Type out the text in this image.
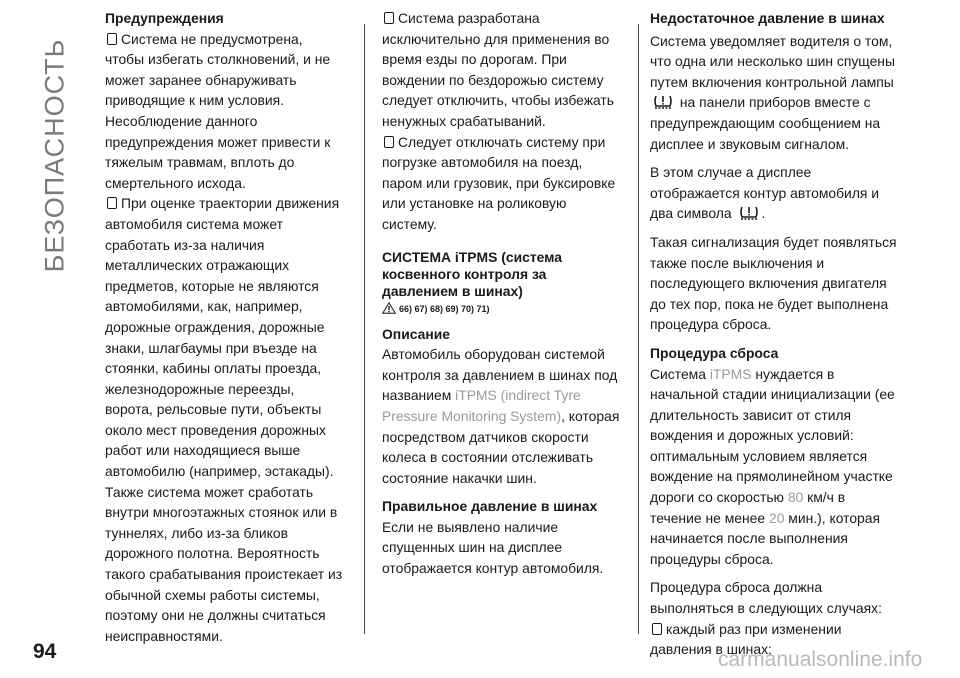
БЕЗОПАСНОСТЬ
Предупреждения
Система не предусмотрена, чтобы избегать столкновений, и не может заранее обнаруживать приводящие к ним условия. Несоблюдение данного предупреждения может привести к тяжелым травмам, вплоть до смертельного исхода.
При оценке траектории движения автомобиля система может сработать из-за наличия металлических отражающих предметов, которые не являются автомобилями, как, например, дорожные ограждения, дорожные знаки, шлагбаумы при въезде на стоянки, кабины оплаты проезда, железнодорожные переезды, ворота, рельсовые пути, объекты около мест проведения дорожных работ или находящиеся выше автомобилю (например, эстакады). Также система может сработать внутри многоэтажных стоянок или в туннелях, либо из-за бликов дорожного полотна. Вероятность такого срабатывания проистекает из обычной схемы работы системы, поэтому они не должны считаться неисправностями.
Система разработана исключительно для применения во время езды по дорогам. При вождении по бездорожью систему следует отключить, чтобы избежать ненужных срабатываний.
Следует отключать систему при погрузке автомобиля на поезд, паром или грузовик, при буксировке или установке на роликовую систему.
СИСТЕМА iTPMS (система косвенного контроля за давлением в шинах)
66) 67) 68) 69) 70) 71)
Описание
Автомобиль оборудован системой контроля за давлением в шинах под названием iTPMS (indirect Tyre Pressure Monitoring System), которая посредством датчиков скорости колеса в состоянии отслеживать состояние накачки шин.
Правильное давление в шинах
Если не выявлено наличие спущенных шин на дисплее отображается контур автомобиля.
Недостаточное давление в шинах
Система уведомляет водителя о том, что одна или несколько шин спущены путем включения контрольной лампы  на панели приборов вместе с предупреждающим сообщением на дисплее и звуковым сигналом.
В этом случае а дисплее отображается контур автомобиля и два символа .
Такая сигнализация будет появляться также после выключения и последующего включения двигателя до тех пор, пока не будет выполнена процедура сброса.
Процедура сброса
Система iTPMS нуждается в начальной стадии инициализации (ее длительность зависит от стиля вождения и дорожных условий: оптимальным условием является вождение на прямолинейном участке дороги со скоростью 80 км/ч в течение не менее 20 мин.), которая начинается после выполнения процедуры сброса.
Процедура сброса должна выполняться в следующих случаях:
каждый раз при изменении давления в шинах;
94	carmanualsonline.info
